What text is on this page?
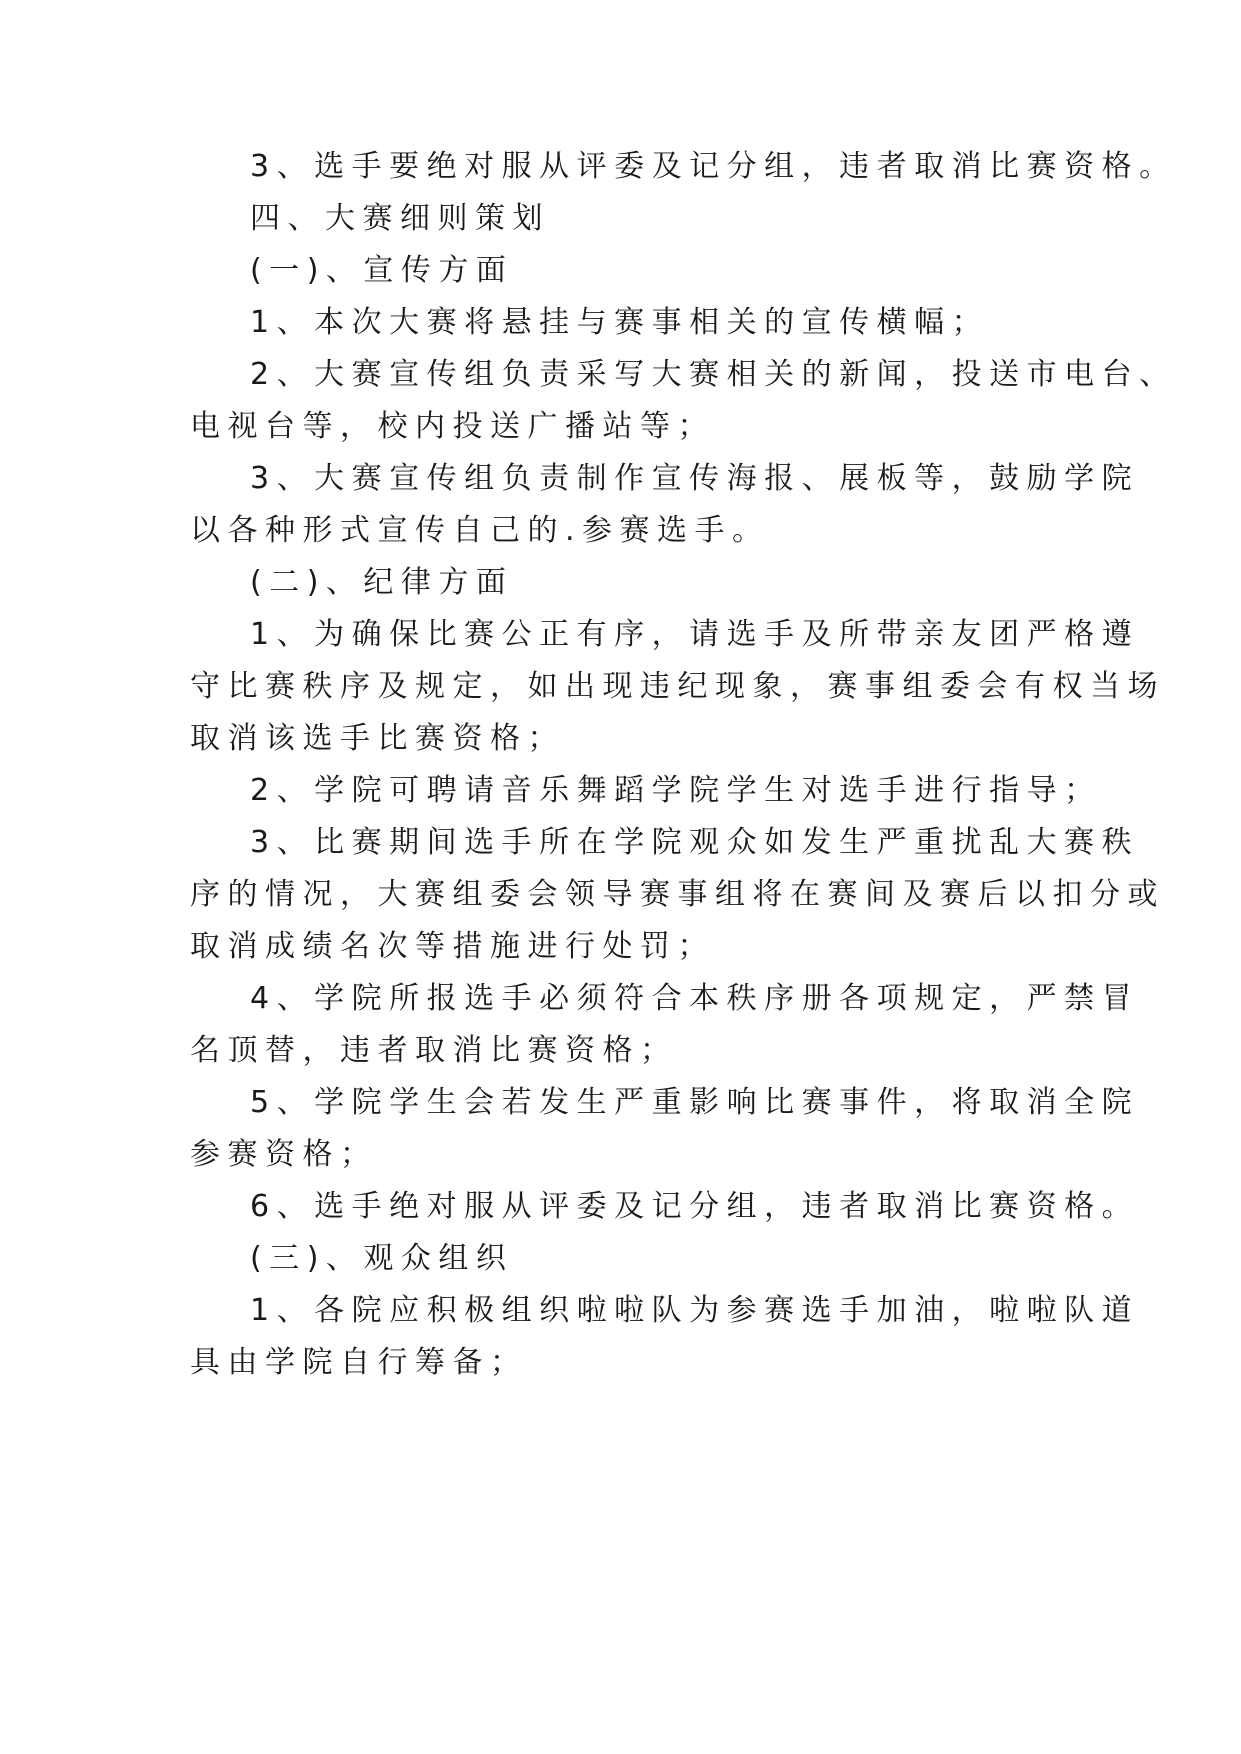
3、选手要绝对服从评委及记分组，违者取消比赛资格。
四、大赛细则策划
(一)、宣传方面
1、本次大赛将悬挂与赛事相关的宣传横幅；
2、大赛宣传组负责采写大赛相关的新闻，投送市电台、
电视台等，校内投送广播站等；
3、大赛宣传组负责制作宣传海报、展板等，鼓励学院
以各种形式宣传自己的.参赛选手。
(二)、纪律方面
1、为确保比赛公正有序，请选手及所带亲友团严格遵
守比赛秩序及规定，如出现违纪现象，赛事组委会有权当场
取消该选手比赛资格；
2、学院可聘请音乐舞蹈学院学生对选手进行指导；
3、比赛期间选手所在学院观众如发生严重扰乱大赛秩
序的情况，大赛组委会领导赛事组将在赛间及赛后以扣分或
取消成绩名次等措施进行处罚；
4、学院所报选手必须符合本秩序册各项规定，严禁冒
名顶替，违者取消比赛资格；
5、学院学生会若发生严重影响比赛事件，将取消全院
参赛资格；
6、选手绝对服从评委及记分组，违者取消比赛资格。
(三)、观众组织
1、各院应积极组织啦啦队为参赛选手加油，啦啦队道
具由学院自行筹备；
